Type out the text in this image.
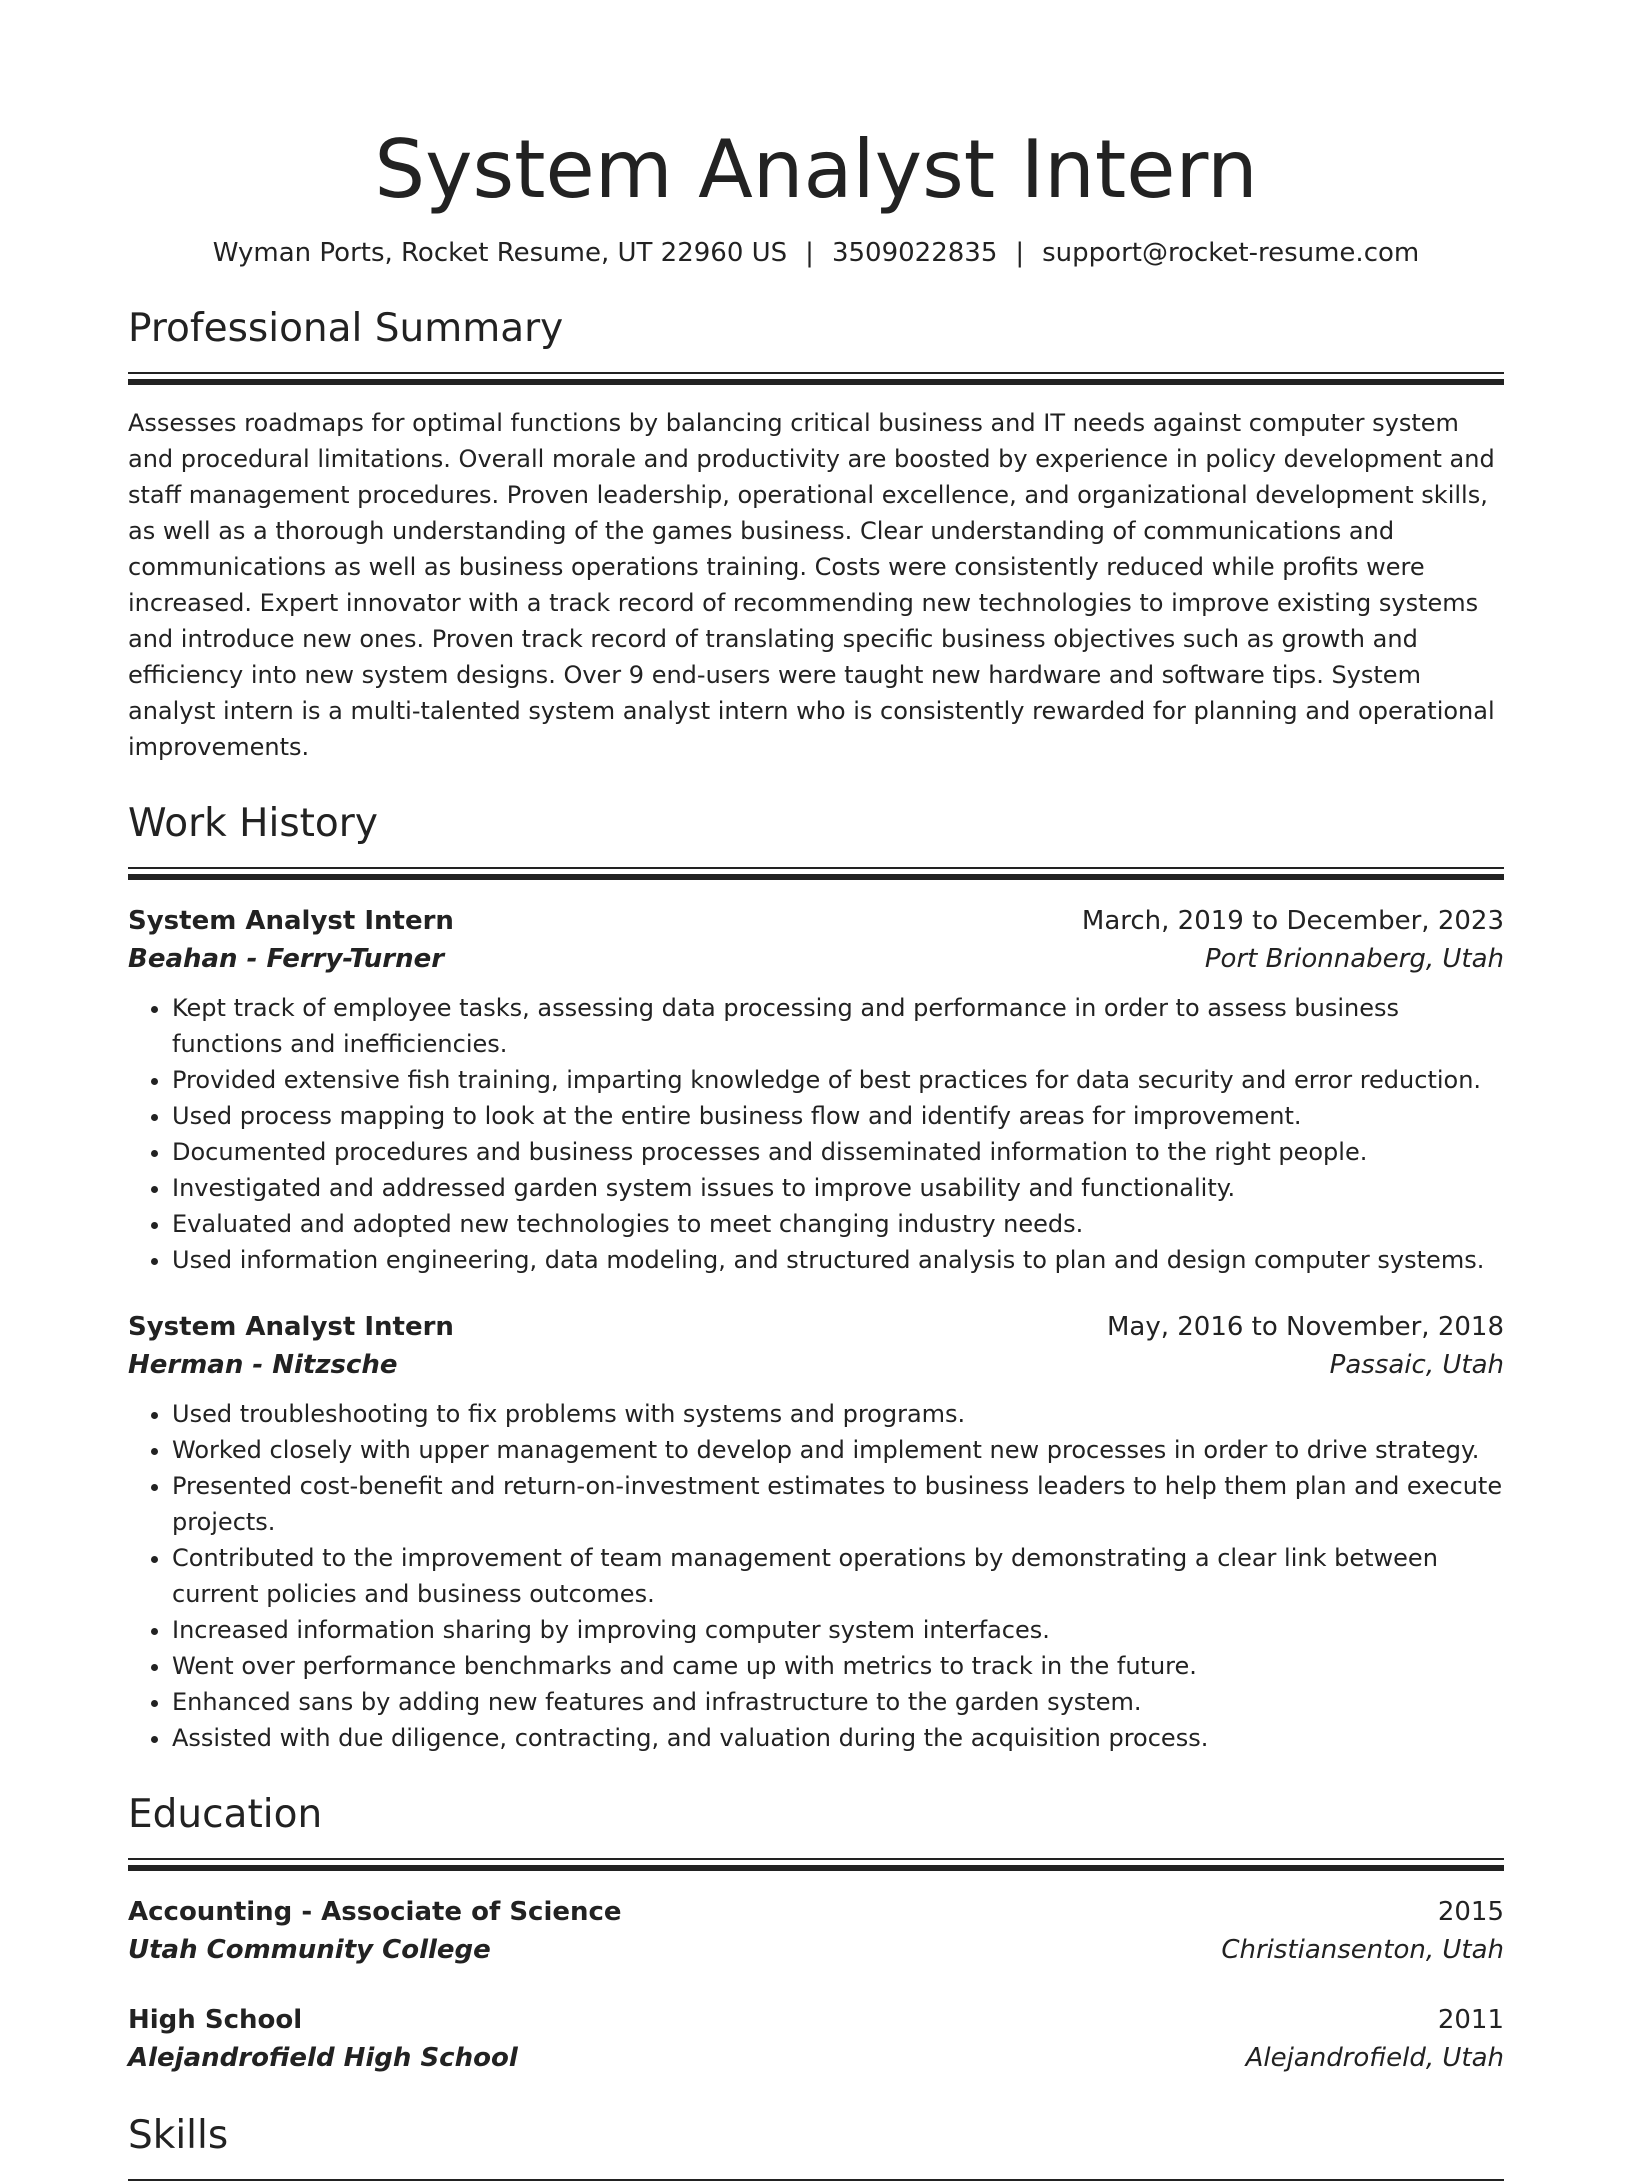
System Analyst Intern
Wyman Ports, Rocket Resume, UT 22960 US | 3509022835 | support@rocket-resume.com
Professional Summary

Assesses roadmaps for optimal functions by balancing critical business and IT needs against computer system and procedural limitations. Overall morale and productivity are boosted by experience in policy development and staff management procedures. Proven leadership, operational excellence, and organizational development skills, as well as a thorough understanding of the games business. Clear understanding of communications and communications as well as business operations training. Costs were consistently reduced while profits were increased. Expert innovator with a track record of recommending new technologies to improve existing systems and introduce new ones. Proven track record of translating specific business objectives such as growth and efficiency into new system designs. Over 9 end-users were taught new hardware and software tips. System analyst intern is a multi-talented system analyst intern who is consistently rewarded for planning and operational improvements.

Work History
System Analyst Intern	March, 2019 to December, 2023
Beahan - Ferry-Turner	Port Brionnaberg, Utah
• Kept track of employee tasks, assessing data processing and performance in order to assess business functions and inefficiencies.
• Provided extensive fish training, imparting knowledge of best practices for data security and error reduction.
• Used process mapping to look at the entire business flow and identify areas for improvement.
• Documented procedures and business processes and disseminated information to the right people.
• Investigated and addressed garden system issues to improve usability and functionality.
• Evaluated and adopted new technologies to meet changing industry needs.
• Used information engineering, data modeling, and structured analysis to plan and design computer systems.
System Analyst Intern	May, 2016 to November, 2018
Herman - Nitzsche	Passaic, Utah
• Used troubleshooting to fix problems with systems and programs.
• Worked closely with upper management to develop and implement new processes in order to drive strategy.
• Presented cost-benefit and return-on-investment estimates to business leaders to help them plan and execute projects.
• Contributed to the improvement of team management operations by demonstrating a clear link between current policies and business outcomes.
• Increased information sharing by improving computer system interfaces.
• Went over performance benchmarks and came up with metrics to track in the future.
• Enhanced sans by adding new features and infrastructure to the garden system.
• Assisted with due diligence, contracting, and valuation during the acquisition process.
Education
Accounting - Associate of Science	2015
Utah Community College	Christiansenton, Utah
High School	2011
Alejandrofield High School	Alejandrofield, Utah
Skills
